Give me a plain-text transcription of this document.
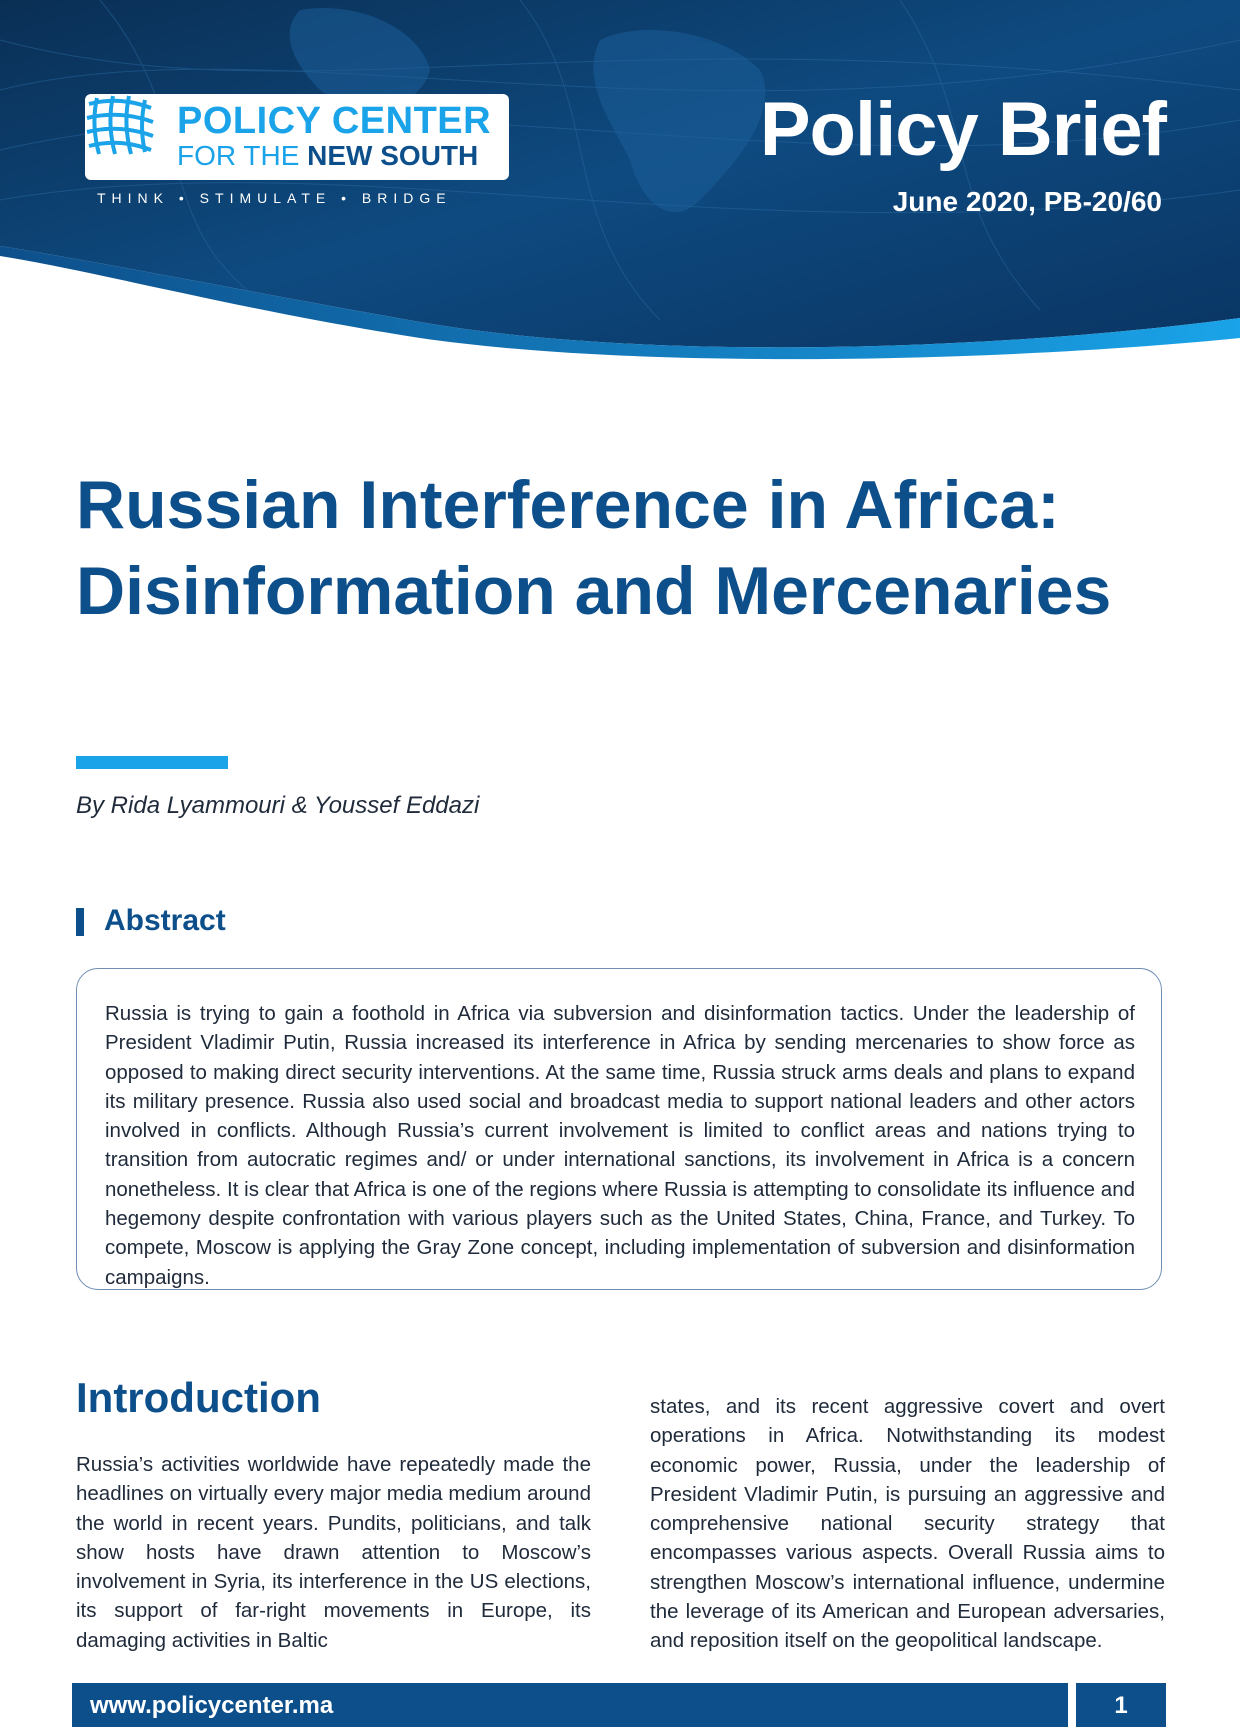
POLICY CENTER
FOR THE NEW SOUTH
THINK • STIMULATE • BRIDGE
Policy Brief
June 2020, PB-20/60
Russian Interference in Africa:
Disinformation and Mercenaries
By Rida Lyammouri & Youssef Eddazi
Abstract

Russia is trying to gain a foothold in Africa via subversion and disinformation tactics. Under the leadership of President Vladimir Putin, Russia increased its interference in Africa by sending mercenaries to show force as opposed to making direct security interventions. At the same time, Russia struck arms deals and plans to expand its military presence. Russia also used social and broadcast media to support national leaders and other actors involved in conflicts. Although Russia’s current involvement is limited to conflict areas and nations trying to transition from autocratic regimes and/ or under international sanctions, its involvement in Africa is a concern nonetheless. It is clear that Africa is one of the regions where Russia is attempting to consolidate its influence and hegemony despite confrontation with various players such as the United States, China, France, and Turkey. To compete, Moscow is applying the Gray Zone concept, including implementation of subversion and disinformation campaigns.

Introduction

Russia’s activities worldwide have repeatedly made the headlines on virtually every major media medium around the world in recent years. Pundits, politicians, and talk show hosts have drawn attention to Moscow’s involvement in Syria, its interference in the US elections, its support of far-right movements in Europe, its damaging activities in Baltic

states, and its recent aggressive covert and overt operations in Africa. Notwithstanding its modest economic power, Russia, under the leadership of President Vladimir Putin, is pursuing an aggressive and comprehensive national security strategy that encompasses various aspects. Overall Russia aims to strengthen Moscow’s international influence, undermine the leverage of its American and European adversaries, and reposition itself on the geopolitical landscape.

www.policycenter.ma	1
